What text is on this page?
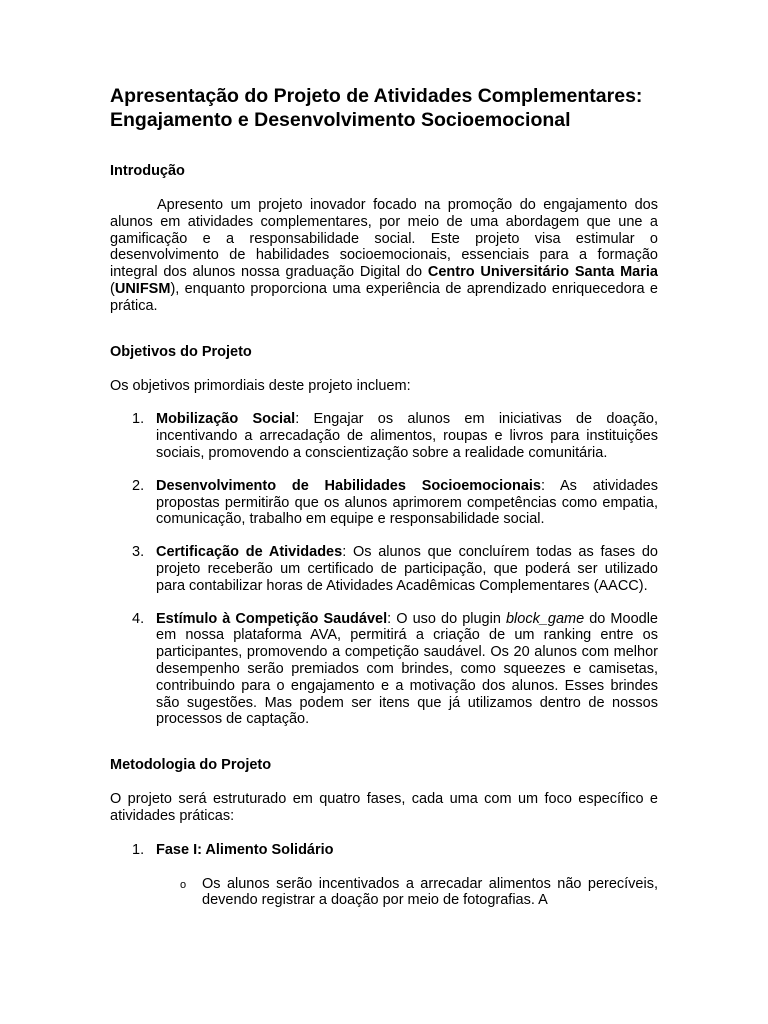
Apresentação do Projeto de Atividades Complementares: Engajamento e Desenvolvimento Socioemocional
Introdução

Apresento um projeto inovador focado na promoção do engajamento dos alunos em atividades complementares, por meio de uma abordagem que une a gamificação e a responsabilidade social. Este projeto visa estimular o desenvolvimento de habilidades socioemocionais, essenciais para a formação integral dos alunos nossa graduação Digital do Centro Universitário Santa Maria (UNIFSM), enquanto proporciona uma experiência de aprendizado enriquecedora e prática.

Objetivos do Projeto

Os objetivos primordiais deste projeto incluem:

1. Mobilização Social: Engajar os alunos em iniciativas de doação, incentivando a arrecadação de alimentos, roupas e livros para instituições sociais, promovendo a conscientização sobre a realidade comunitária.
2. Desenvolvimento de Habilidades Socioemocionais: As atividades propostas permitirão que os alunos aprimorem competências como empatia, comunicação, trabalho em equipe e responsabilidade social.
3. Certificação de Atividades: Os alunos que concluírem todas as fases do projeto receberão um certificado de participação, que poderá ser utilizado para contabilizar horas de Atividades Acadêmicas Complementares (AACC).
4. Estímulo à Competição Saudável: O uso do plugin block_game do Moodle em nossa plataforma AVA, permitirá a criação de um ranking entre os participantes, promovendo a competição saudável. Os 20 alunos com melhor desempenho serão premiados com brindes, como squeezes e camisetas, contribuindo para o engajamento e a motivação dos alunos. Esses brindes são sugestões. Mas podem ser itens que já utilizamos dentro de nossos processos de captação.
Metodologia do Projeto

O projeto será estruturado em quatro fases, cada uma com um foco específico e atividades práticas:

1. Fase I: Alimento Solidário
o Os alunos serão incentivados a arrecadar alimentos não perecíveis, devendo registrar a doação por meio de fotografias. A
